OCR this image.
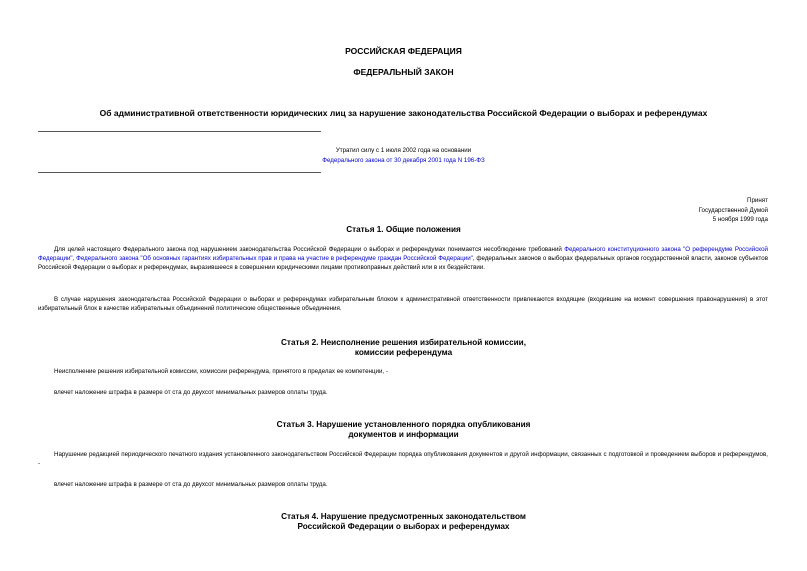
РОССИЙСКАЯ ФЕДЕРАЦИЯ
ФЕДЕРАЛЬНЫЙ ЗАКОН
Об административной ответственности юридических лиц за нарушение законодательства Российской Федерации о выборах и референдумах
Утратил силу с 1 июля 2002 года на основании
Федерального закона от 30 декабря 2001 года N 196-ФЗ
Принят
Государственной Думой
5 ноября 1999 года
Статья 1. Общие положения
Для целей настоящего Федерального закона под нарушением законодательства Российской Федерации о выборах и референдумах понимается несоблюдение требований Федерального конституционного закона "О референдуме Российской Федерации", Федерального закона "Об основных гарантиях избирательных прав и права на участие в референдуме граждан Российской Федерации", федеральных законов о выборах федеральных органов государственной власти, законов субъектов Российской Федерации о выборах и референдумах, выразившееся в совершении юридическими лицами противоправных действий или в их бездействии.
В случае нарушения законодательства Российской Федерации о выборах и референдумах избирательным блоком к административной ответственности привлекаются входящие (входившие на момент совершения правонарушения) в этот избирательный блок в качестве избирательных объединений политические общественные объединения.
Статья 2. Неисполнение решения избирательной комиссии,
комиссии референдума
Неисполнение решения избирательной комиссии, комиссии референдума, принятого в пределах ее компетенции, -
влечет наложение штрафа в размере от ста до двухсот минимальных размеров оплаты труда.
Статья 3. Нарушение установленного порядка опубликования
документов и информации
Нарушение редакцией периодического печатного издания установленного законодательством Российской Федерации порядка опубликования документов и другой информации, связанных с подготовкой и проведением выборов и референдумов, -
влечет наложение штрафа в размере от ста до двухсот минимальных размеров оплаты труда.
Статья 4. Нарушение предусмотренных законодательством
Российской Федерации о выборах и референдумах
